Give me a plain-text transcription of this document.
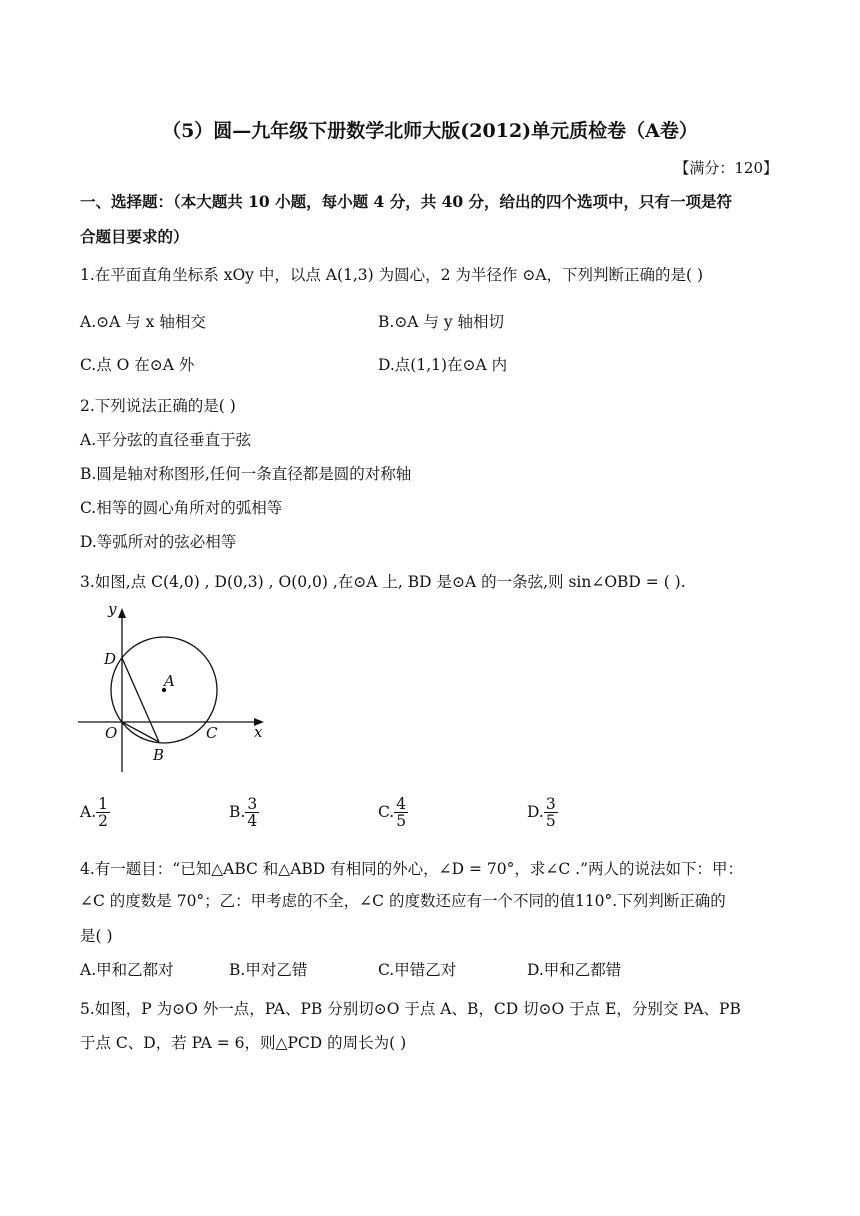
（5）圆—九年级下册数学北师大版(2012)单元质检卷（A卷）
【满分：120】
一、选择题：（本大题共 10 小题，每小题 4 分，共 40 分，给出的四个选项中，只有一项是符
合题目要求的）
1.在平面直角坐标系 xOy 中，以点 A(1,3) 为圆心，2 为半径作 ⊙A，下列判断正确的是( )
A.⊙A 与 x 轴相交	B.⊙A 与 y 轴相切
C.点 O 在⊙A 外	D.点(1,1)在⊙A 内
2.下列说法正确的是( )
A.平分弦的直径垂直于弦
B.圆是轴对称图形,任何一条直径都是圆的对称轴
C.相等的圆心角所对的弧相等
D.等弧所对的弦必相等
3.如图,点 C(4,0) , D(0,3) , O(0,0) ,在⊙A 上, BD 是⊙A 的一条弦,则 sin∠OBD = ( ).
y
x
D
A
O	C
B
A. $\frac{1}{2}$	B. $\frac{3}{4}$	C. $\frac{4}{5}$	D. $\frac{3}{5}$
4.有一题目：“已知△ABC 和△ABD 有相同的外心，∠D = 70°，求∠C .”两人的说法如下：甲：
∠C 的度数是 70°；乙：甲考虑的不全，∠C 的度数还应有一个不同的值110°.下列判断正确的
是( )
A.甲和乙都对	B.甲对乙错	C.甲错乙对	D.甲和乙都错
5.如图，P 为⊙O 外一点，PA、PB 分别切⊙O 于点 A、B，CD 切⊙O 于点 E，分别交 PA、PB
于点 C、D，若 PA = 6，则△PCD 的周长为( )
